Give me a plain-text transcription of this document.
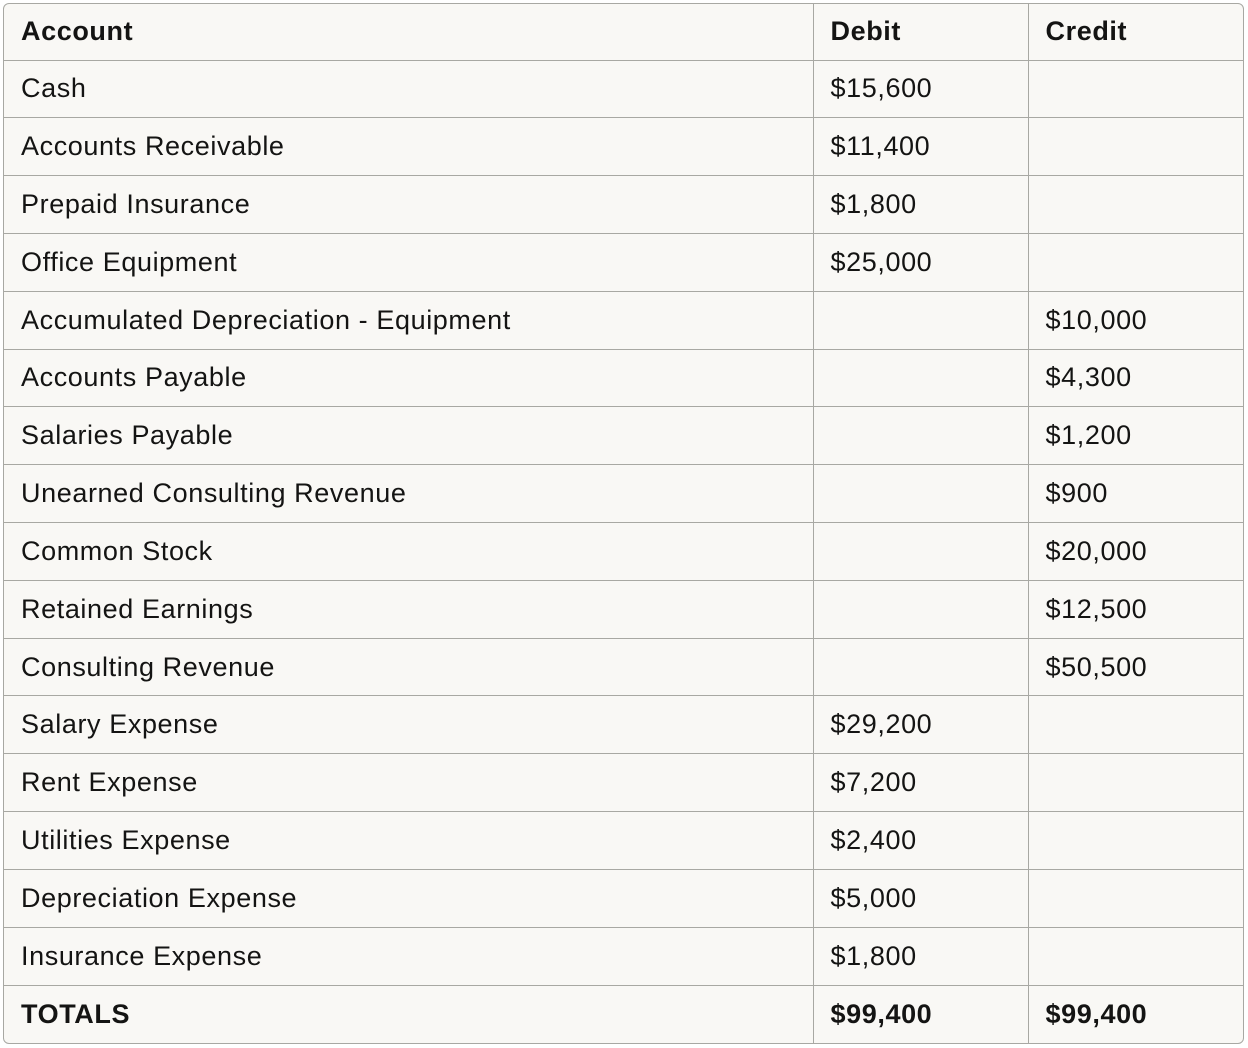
Account	Debit	Credit
Cash	$15,600	
Accounts Receivable	$11,400	
Prepaid Insurance	$1,800	
Office Equipment	$25,000	
Accumulated Depreciation - Equipment		$10,000
Accounts Payable		$4,300
Salaries Payable		$1,200
Unearned Consulting Revenue		$900
Common Stock		$20,000
Retained Earnings		$12,500
Consulting Revenue		$50,500
Salary Expense	$29,200	
Rent Expense	$7,200	
Utilities Expense	$2,400	
Depreciation Expense	$5,000	
Insurance Expense	$1,800	
TOTALS	$99,400	$99,400
